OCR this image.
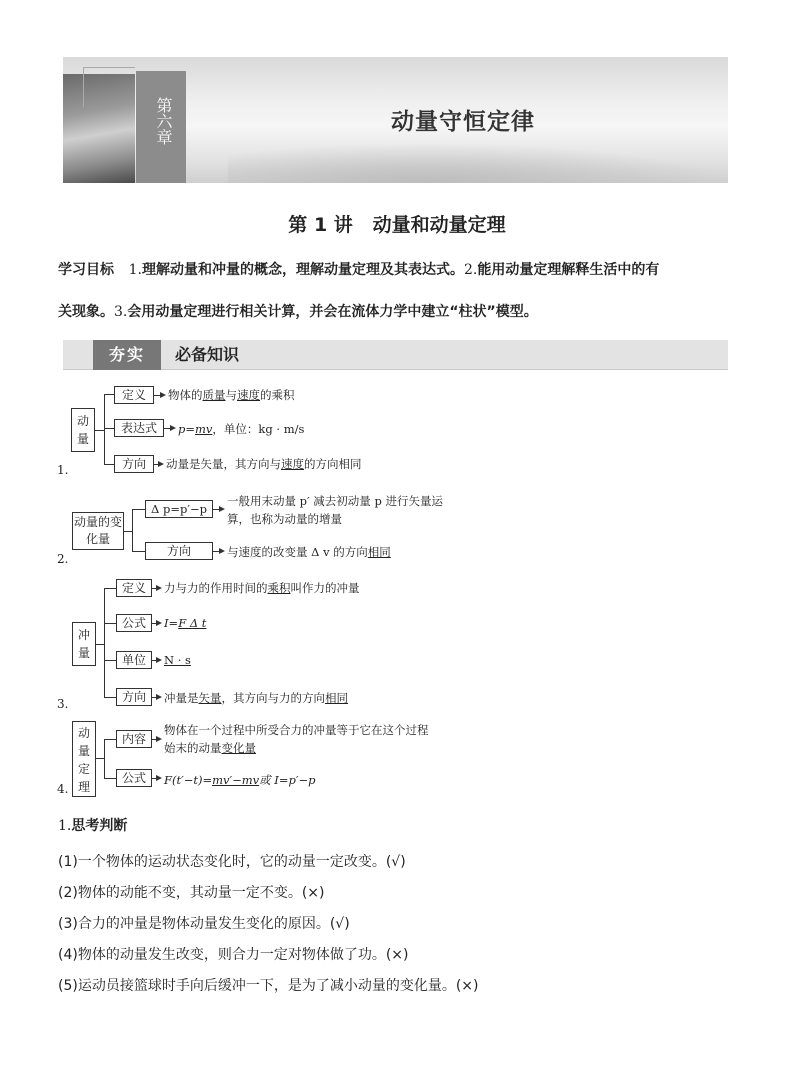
第六章	动量守恒定律
第 1 讲 动量和动量定理
学习目标 1.理解动量和冲量的概念，理解动量定理及其表达式。2.能用动量定理解释生活中的有
关现象。3.会用动量定理进行相关计算，并会在流体力学中建立“柱状”模型。
夯实	必备知识
1.
动量
定义	物体的质量与速度的乘积
表达式	p=mv，单位：kg · m/s
方向	动量是矢量，其方向与速度的方向相同
2.
动量的变化量
Δ p=p′−p
一般用末动量 p′ 减去初动量 p 进行矢量运
算，也称为动量的增量
方向	与速度的改变量 Δ v 的方向相同
3.
冲量
定义	力与力的作用时间的乘积叫作力的冲量
公式	I=F Δ t
单位	N · s
方向	冲量是矢量，其方向与力的方向相同
4.
动量定理
内容
物体在一个过程中所受合力的冲量等于它在这个过程
始末的动量变化量
公式	F(t′−t)=mv′−mv或 I=p′−p
1.思考判断
(1)一个物体的运动状态变化时，它的动量一定改变。(√)
(2)物体的动能不变，其动量一定不变。(×)
(3)合力的冲量是物体动量发生变化的原因。(√)
(4)物体的动量发生改变，则合力一定对物体做了功。(×)
(5)运动员接篮球时手向后缓冲一下，是为了减小动量的变化量。(×)
